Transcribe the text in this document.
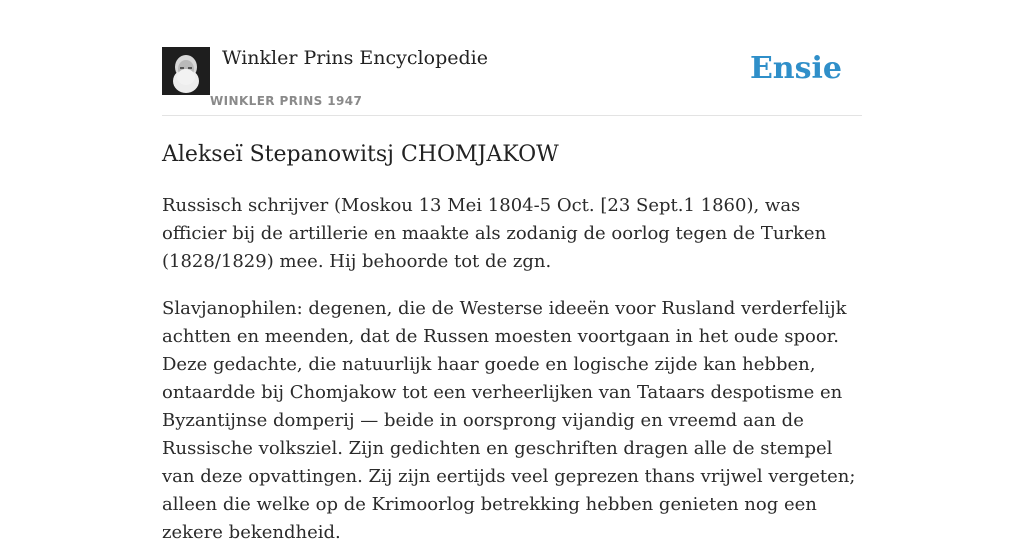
Winkler Prins Encyclopedie
WINKLER PRINS 1947
Ensie
Alekseï Stepanowitsj CHOMJAKOW

Russisch schrijver (Moskou 13 Mei 1804-5 Oct. [23 Sept.1 1860), was officier bij de artillerie en maakte als zodanig de oorlog tegen de Turken (1828/1829) mee. Hij behoorde tot de zgn.

Slavjanophilen: degenen, die de Westerse ideeën voor Rusland verderfelijk achtten en meenden, dat de Russen moesten voortgaan in het oude spoor. Deze gedachte, die natuurlijk haar goede en logische zijde kan hebben, ontaardde bij Chomjakow tot een verheerlijken van Tataars despotisme en Byzantijnse domperij — beide in oorsprong vijandig en vreemd aan de Russische volksziel. Zijn gedichten en geschriften dragen alle de stempel van deze opvattingen. Zij zijn eertijds veel geprezen thans vrijwel vergeten; alleen die welke op de Krimoorlog betrekking hebben genieten nog een zekere bekendheid.
